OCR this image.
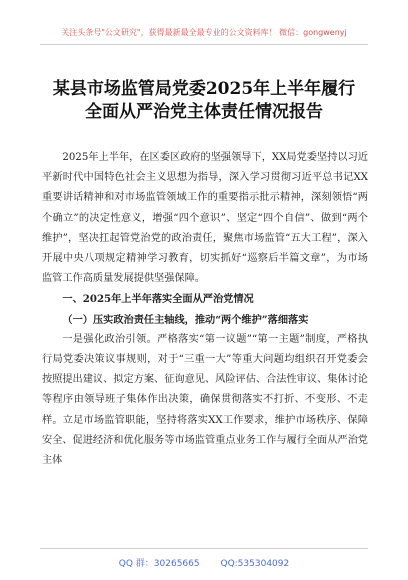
关注头条号"公文研究"，获得最新最全最专业的公文资料库！ 微信：gongwenyj
某县市场监管局党委2025年上半年履行
全面从严治党主体责任情况报告

2025年上半年，在区委区政府的坚强领导下，XX局党委坚持以习近平新时代中国特色社会主义思想为指导，深入学习贯彻习近平总书记XX重要讲话精神和对市场监管领域工作的重要指示批示精神，深刻领悟“两个确立”的决定性意义，增强“四个意识”、坚定“四个自信”、做到“两个维护”，坚决扛起管党治党的政治责任，聚焦市场监管“五大工程”，深入开展中央八项规定精神学习教育，切实抓好“巡察后半篇文章”，为市场监管工作高质量发展提供坚强保障。

一、2025年上半年落实全面从严治党情况

（一）压实政治责任主轴线，推动“两个维护”落细落实

一是强化政治引领。严格落实“第一议题”“第一主题”制度，严格执行局党委决策议事规则，对于“三重一大”等重大问题均组织召开党委会按照提出建议、拟定方案、征询意见、风险评估、合法性审议、集体讨论等程序由领导班子集体作出决策，确保贯彻落实不打折、不变形、不走样。立足市场监管职能，坚持将落实XX工作要求，维护市场秩序、保障安全、促进经济和优化服务等市场监管重点业务工作与履行全面从严治党主体

QQ 群：30265665 QQ:535304092
